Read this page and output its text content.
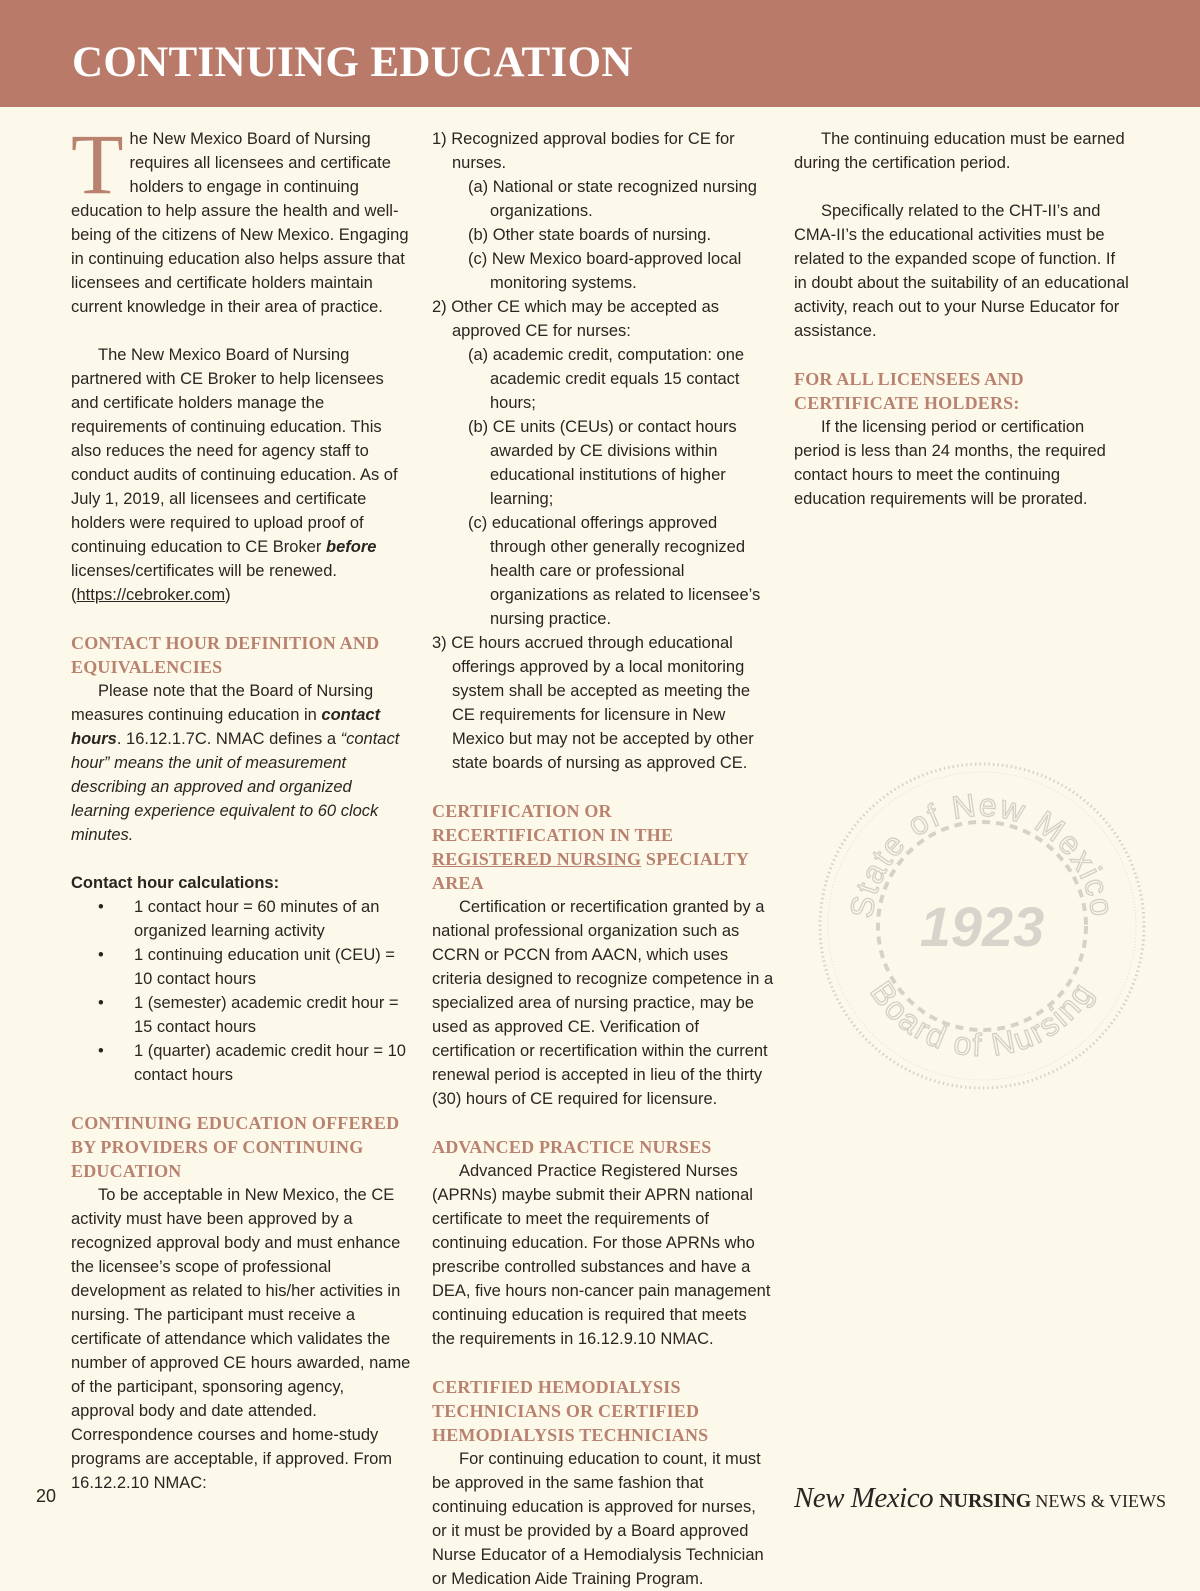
CONTINUING EDUCATION

The New Mexico Board of Nursing requires all licensees and certificate holders to engage in continuing education to help assure the health and well-being of the citizens of New Mexico. Engaging in continuing education also helps assure that licensees and certificate holders maintain current knowledge in their area of practice.

The New Mexico Board of Nursing partnered with CE Broker to help licensees and certificate holders manage the requirements of continuing education. This also reduces the need for agency staff to conduct audits of continuing education. As of July 1, 2019, all licensees and certificate holders were required to upload proof of continuing education to CE Broker before licenses/certificates will be renewed. (https://cebroker.com)

CONTACT HOUR DEFINITION AND EQUIVALENCIES

Please note that the Board of Nursing measures continuing education in contact hours. 16.12.1.7C. NMAC defines a “contact hour” means the unit of measurement describing an approved and organized learning experience equivalent to 60 clock minutes.

Contact hour calculations:

• 1 contact hour = 60 minutes of an organized learning activity
• 1 continuing education unit (CEU) = 10 contact hours
• 1 (semester) academic credit hour = 15 contact hours
• 1 (quarter) academic credit hour = 10 contact hours
CONTINUING EDUCATION OFFERED BY PROVIDERS OF CONTINUING EDUCATION

To be acceptable in New Mexico, the CE activity must have been approved by a recognized approval body and must enhance the licensee’s scope of professional development as related to his/her activities in nursing. The participant must receive a certificate of attendance which validates the number of approved CE hours awarded, name of the participant, sponsoring agency, approval body and date attended. Correspondence courses and home-study programs are acceptable, if approved. From 16.12.2.10 NMAC:

1) Recognized approval bodies for CE for nurses.

(a) National or state recognized nursing organizations.

(b) Other state boards of nursing.

(c) New Mexico board-approved local monitoring systems.

2) Other CE which may be accepted as approved CE for nurses:

(a) academic credit, computation: one academic credit equals 15 contact hours;

(b) CE units (CEUs) or contact hours awarded by CE divisions within educational institutions of higher learning;

(c) educational offerings approved through other generally recognized health care or professional organizations as related to licensee’s nursing practice.

3) CE hours accrued through educational offerings approved by a local monitoring system shall be accepted as meeting the CE requirements for licensure in New Mexico but may not be accepted by other state boards of nursing as approved CE.

CERTIFICATION OR RECERTIFICATION IN THE REGISTERED NURSING SPECIALTY AREA

Certification or recertification granted by a national professional organization such as CCRN or PCCN from AACN, which uses criteria designed to recognize competence in a specialized area of nursing practice, may be used as approved CE. Verification of certification or recertification within the current renewal period is accepted in lieu of the thirty (30) hours of CE required for licensure.

ADVANCED PRACTICE NURSES

Advanced Practice Registered Nurses (APRNs) maybe submit their APRN national certificate to meet the requirements of continuing education. For those APRNs who prescribe controlled substances and have a DEA, five hours non-cancer pain management continuing education is required that meets the requirements in 16.12.9.10 NMAC.

CERTIFIED HEMODIALYSIS TECHNICIANS OR CERTIFIED HEMODIALYSIS TECHNICIANS

For continuing education to count, it must be approved in the same fashion that continuing education is approved for nurses, or it must be provided by a Board approved Nurse Educator of a Hemodialysis Technician or Medication Aide Training Program.

The continuing education must be earned during the certification period.

Specifically related to the CHT-II’s and CMA-II’s the educational activities must be related to the expanded scope of function. If in doubt about the suitability of an educational activity, reach out to your Nurse Educator for assistance.

FOR ALL LICENSEES AND CERTIFICATE HOLDERS:

If the licensing period or certification period is less than 24 months, the required contact hours to meet the continuing education requirements will be prorated.

State of New Mexico
1923
Board of Nursing
20	New Mexico NURSING NEWS & VIEWS
